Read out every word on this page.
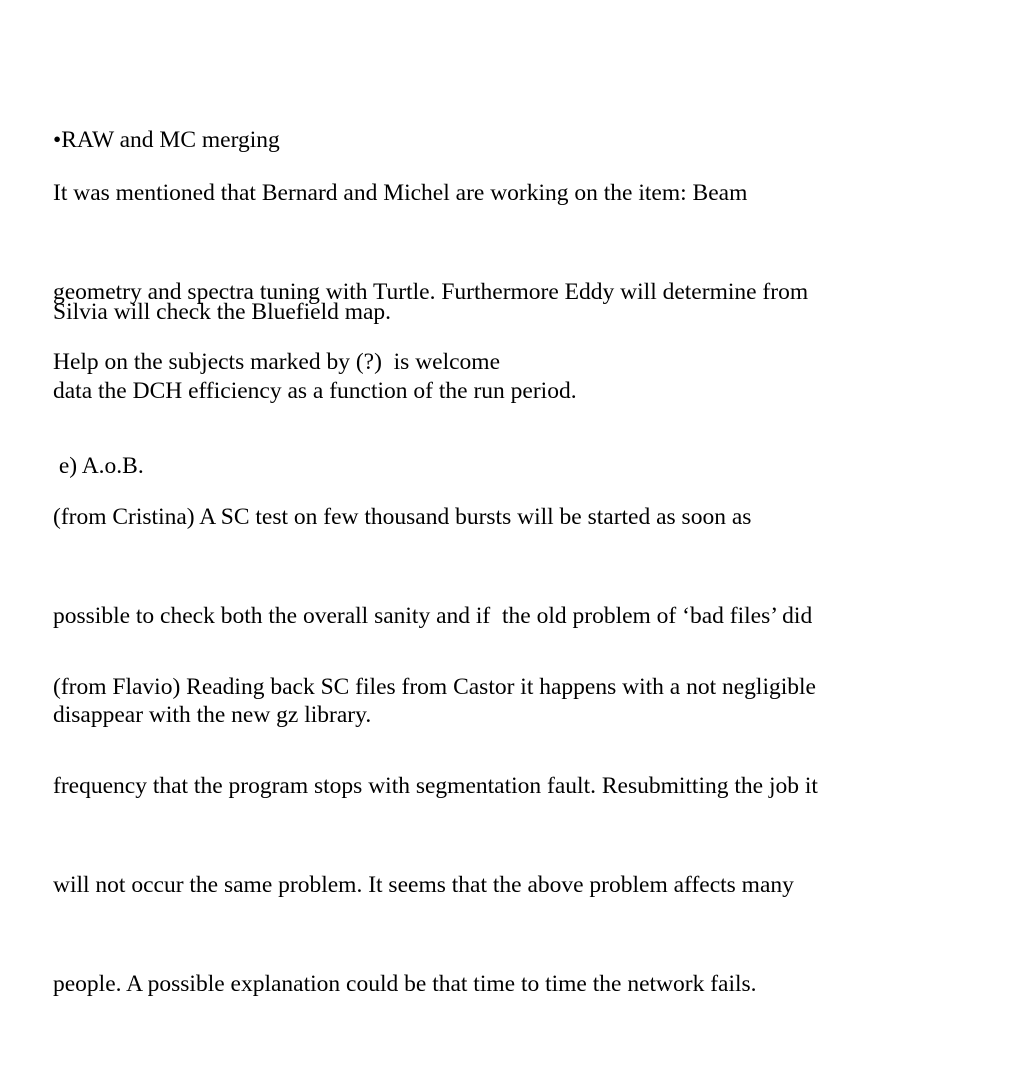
•RAW and MC merging

It was mentioned that Bernard and Michel are working on the item: Beam

geometry and spectra tuning with Turtle. Furthermore Eddy will determine from

data the DCH efficiency as a function of the run period.

Silvia will check the Bluefield map.

Help on the subjects marked by (?)  is welcome

e) A.o.B.

(from Cristina) A SC test on few thousand bursts will be started as soon as

possible to check both the overall sanity and if  the old problem of ‘bad files’ did

disappear with the new gz library.

(from Flavio) Reading back SC files from Castor it happens with a not negligible

frequency that the program stops with segmentation fault. Resubmitting the job it

will not occur the same problem. It seems that the above problem affects many

people. A possible explanation could be that time to time the network fails.
